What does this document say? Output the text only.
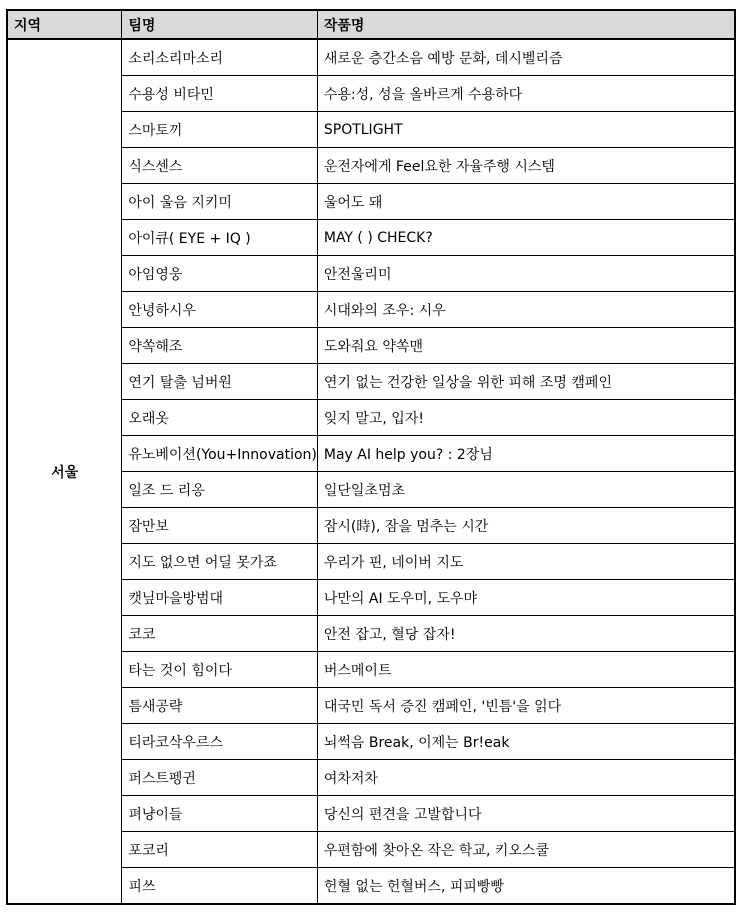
지역	팀명	작품명
서울	소리소리마소리	새로운 층간소음 예방 문화, 데시벨리즘
	수용성 비타민	수용:성, 성을 올바르게 수용하다
	스마토끼	SPOTLIGHT
	식스센스	운전자에게 Feel요한 자율주행 시스템
	아이 울음 지키미	울어도 돼
	아이큐( EYE + IQ )	MAY ( ) CHECK?
	아임영웅	안전울리미
	안녕하시우	시대와의 조우: 시우
	약쏙해조	도와줘요 약쏙맨
	연기 탈출 넘버원	연기 없는 건강한 일상을 위한 피해 조명 캠페인
	오래옷	잊지 말고, 입자!
	유노베이션(You+Innovation)	May AI help you? : 2장님
	일조 드 리옹	일단일초멈초
	잠만보	잠시(時), 잠을 멈추는 시간
	지도 없으면 어딜 못가죠	우리가 핀, 네이버 지도
	캣닢마을방범대	나만의 AI 도우미, 도우먀
	코코	안전 잡고, 혈당 잡자!
	타는 것이 힘이다	버스메이트
	틈새공략	대국민 독서 증진 캠페인, '빈틈'을 읽다
	티라코삭우르스	뇌썩음 Break, 이제는 Br!eak
	퍼스트펭귄	여차저차
	펴냥이들	당신의 편견을 고발합니다
	포코리	우편함에 찾아온 작은 학교, 키오스쿨
	피쓰	헌혈 없는 헌혈버스, 피피빵빵
